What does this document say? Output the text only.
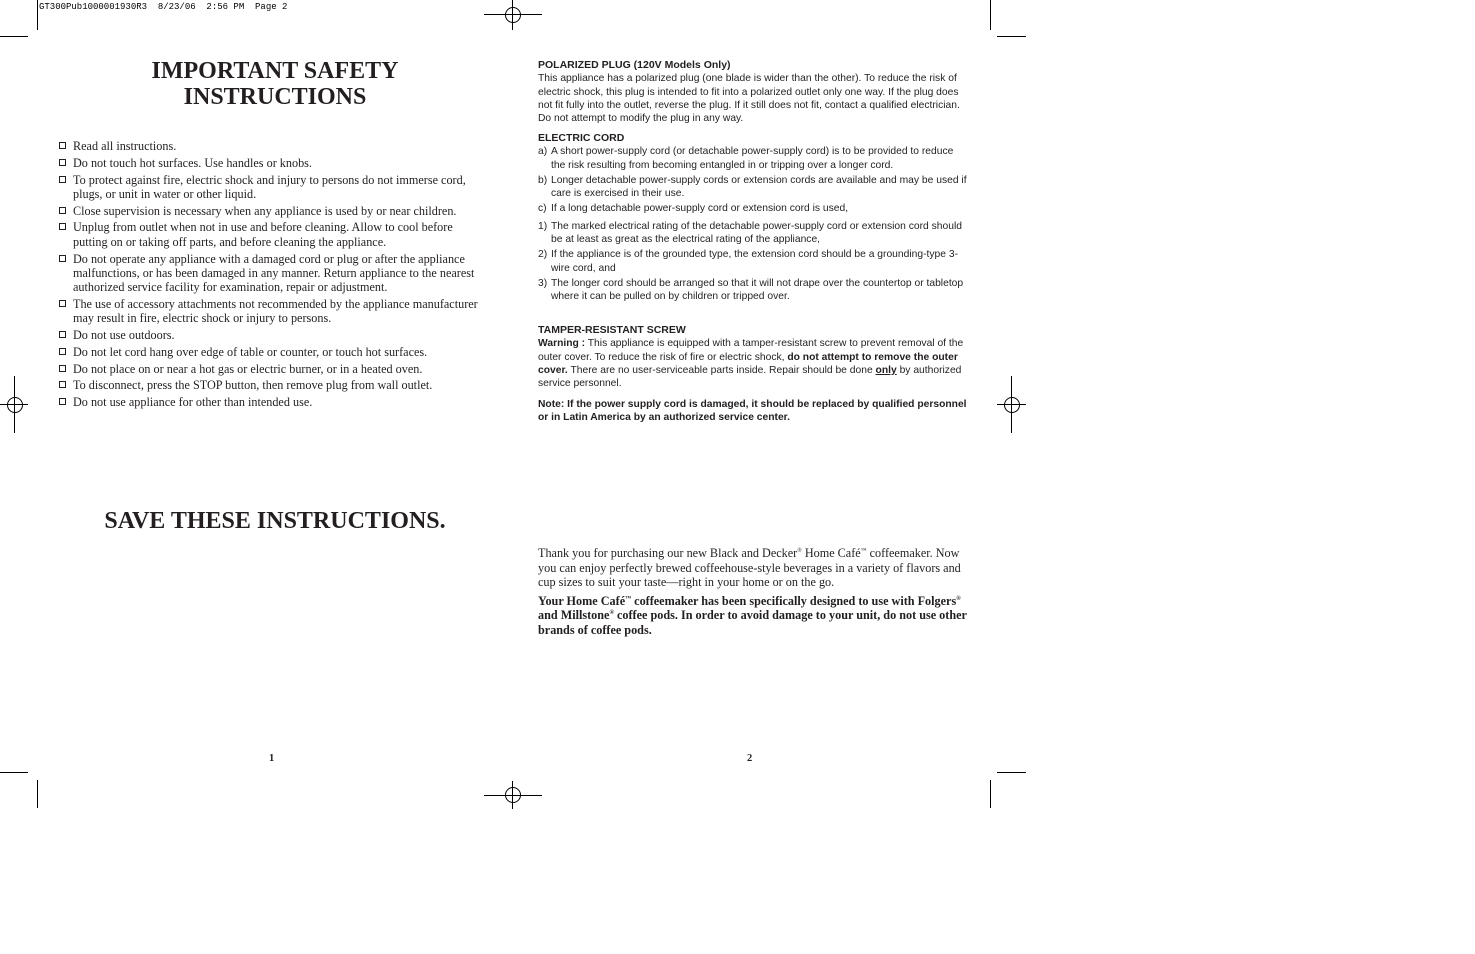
GT300Pub1000001930R3  8/23/06  2:56 PM  Page 2
IMPORTANT SAFETY
INSTRUCTIONS
Read all instructions.
Do not touch hot surfaces. Use handles or knobs.
To protect against fire, electric shock and injury to persons do not immerse cord, plugs, or unit in water or other liquid.
Close supervision is necessary when any appliance is used by or near children.
Unplug from outlet when not in use and before cleaning. Allow to cool before putting on or taking off parts, and before cleaning the appliance.
Do not operate any appliance with a damaged cord or plug or after the appliance malfunctions, or has been damaged in any manner. Return appliance to the nearest authorized service facility for examination, repair or adjustment.
The use of accessory attachments not recommended by the appliance manufacturer may result in fire, electric shock or injury to persons.
Do not use outdoors.
Do not let cord hang over edge of table or counter, or touch hot surfaces.
Do not place on or near a hot gas or electric burner, or in a heated oven.
To disconnect, press the STOP button, then remove plug from wall outlet.
Do not use appliance for other than intended use.
SAVE THESE INSTRUCTIONS.
1

POLARIZED PLUG (120V Models Only)

This appliance has a polarized plug (one blade is wider than the other). To reduce the risk of electric shock, this plug is intended to fit into a polarized outlet only one way. If the plug does not fit fully into the outlet, reverse the plug. If it still does not fit, contact a qualified electrician. Do not attempt to modify the plug in any way.

ELECTRIC CORD

a) A short power-supply cord (or detachable power-supply cord) is to be provided to reduce the risk resulting from becoming entangled in or tripping over a longer cord.

b) Longer detachable power-supply cords or extension cords are available and may be used if care is exercised in their use.

c) If a long detachable power-supply cord or extension cord is used,

1) The marked electrical rating of the detachable power-supply cord or extension cord should be at least as great as the electrical rating of the appliance,

2) If the appliance is of the grounded type, the extension cord should be a grounding-type 3-wire cord, and

3) The longer cord should be arranged so that it will not drape over the countertop or tabletop where it can be pulled on by children or tripped over.

TAMPER-RESISTANT SCREW

Warning : This appliance is equipped with a tamper-resistant screw to prevent removal of the outer cover. To reduce the risk of fire or electric shock, do not attempt to remove the outer cover. There are no user-serviceable parts inside. Repair should be done only by authorized service personnel.

Note: If the power supply cord is damaged, it should be replaced by qualified personnel or in Latin America by an authorized service center.

Thank you for purchasing our new Black and Decker® Home Café™ coffeemaker. Now you can enjoy perfectly brewed coffeehouse-style beverages in a variety of flavors and cup sizes to suit your taste—right in your home or on the go.

Your Home Café™ coffeemaker has been specifically designed to use with Folgers® and Millstone® coffee pods. In order to avoid damage to your unit, do not use other brands of coffee pods.

2
